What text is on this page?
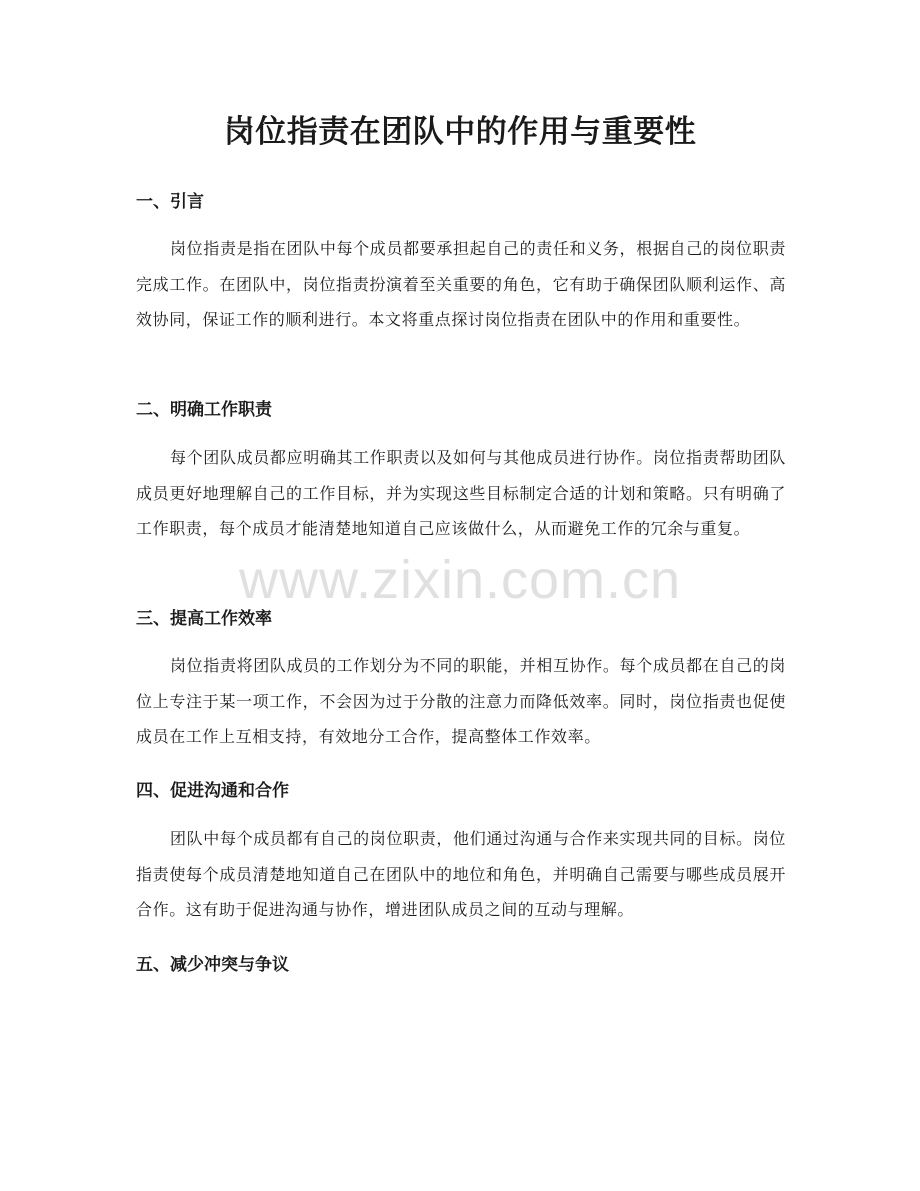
岗位指责在团队中的作用与重要性
一、引言

岗位指责是指在团队中每个成员都要承担起自己的责任和义务，根据自己的岗位职责完成工作。在团队中，岗位指责扮演着至关重要的角色，它有助于确保团队顺利运作、高效协同，保证工作的顺利进行。本文将重点探讨岗位指责在团队中的作用和重要性。

二、明确工作职责

每个团队成员都应明确其工作职责以及如何与其他成员进行协作。岗位指责帮助团队成员更好地理解自己的工作目标，并为实现这些目标制定合适的计划和策略。只有明确了工作职责，每个成员才能清楚地知道自己应该做什么，从而避免工作的冗余与重复。

三、提高工作效率

岗位指责将团队成员的工作划分为不同的职能，并相互协作。每个成员都在自己的岗位上专注于某一项工作，不会因为过于分散的注意力而降低效率。同时，岗位指责也促使成员在工作上互相支持，有效地分工合作，提高整体工作效率。

四、促进沟通和合作

团队中每个成员都有自己的岗位职责，他们通过沟通与合作来实现共同的目标。岗位指责使每个成员清楚地知道自己在团队中的地位和角色，并明确自己需要与哪些成员展开合作。这有助于促进沟通与协作，增进团队成员之间的互动与理解。

五、减少冲突与争议
www.zixin.com.cn
